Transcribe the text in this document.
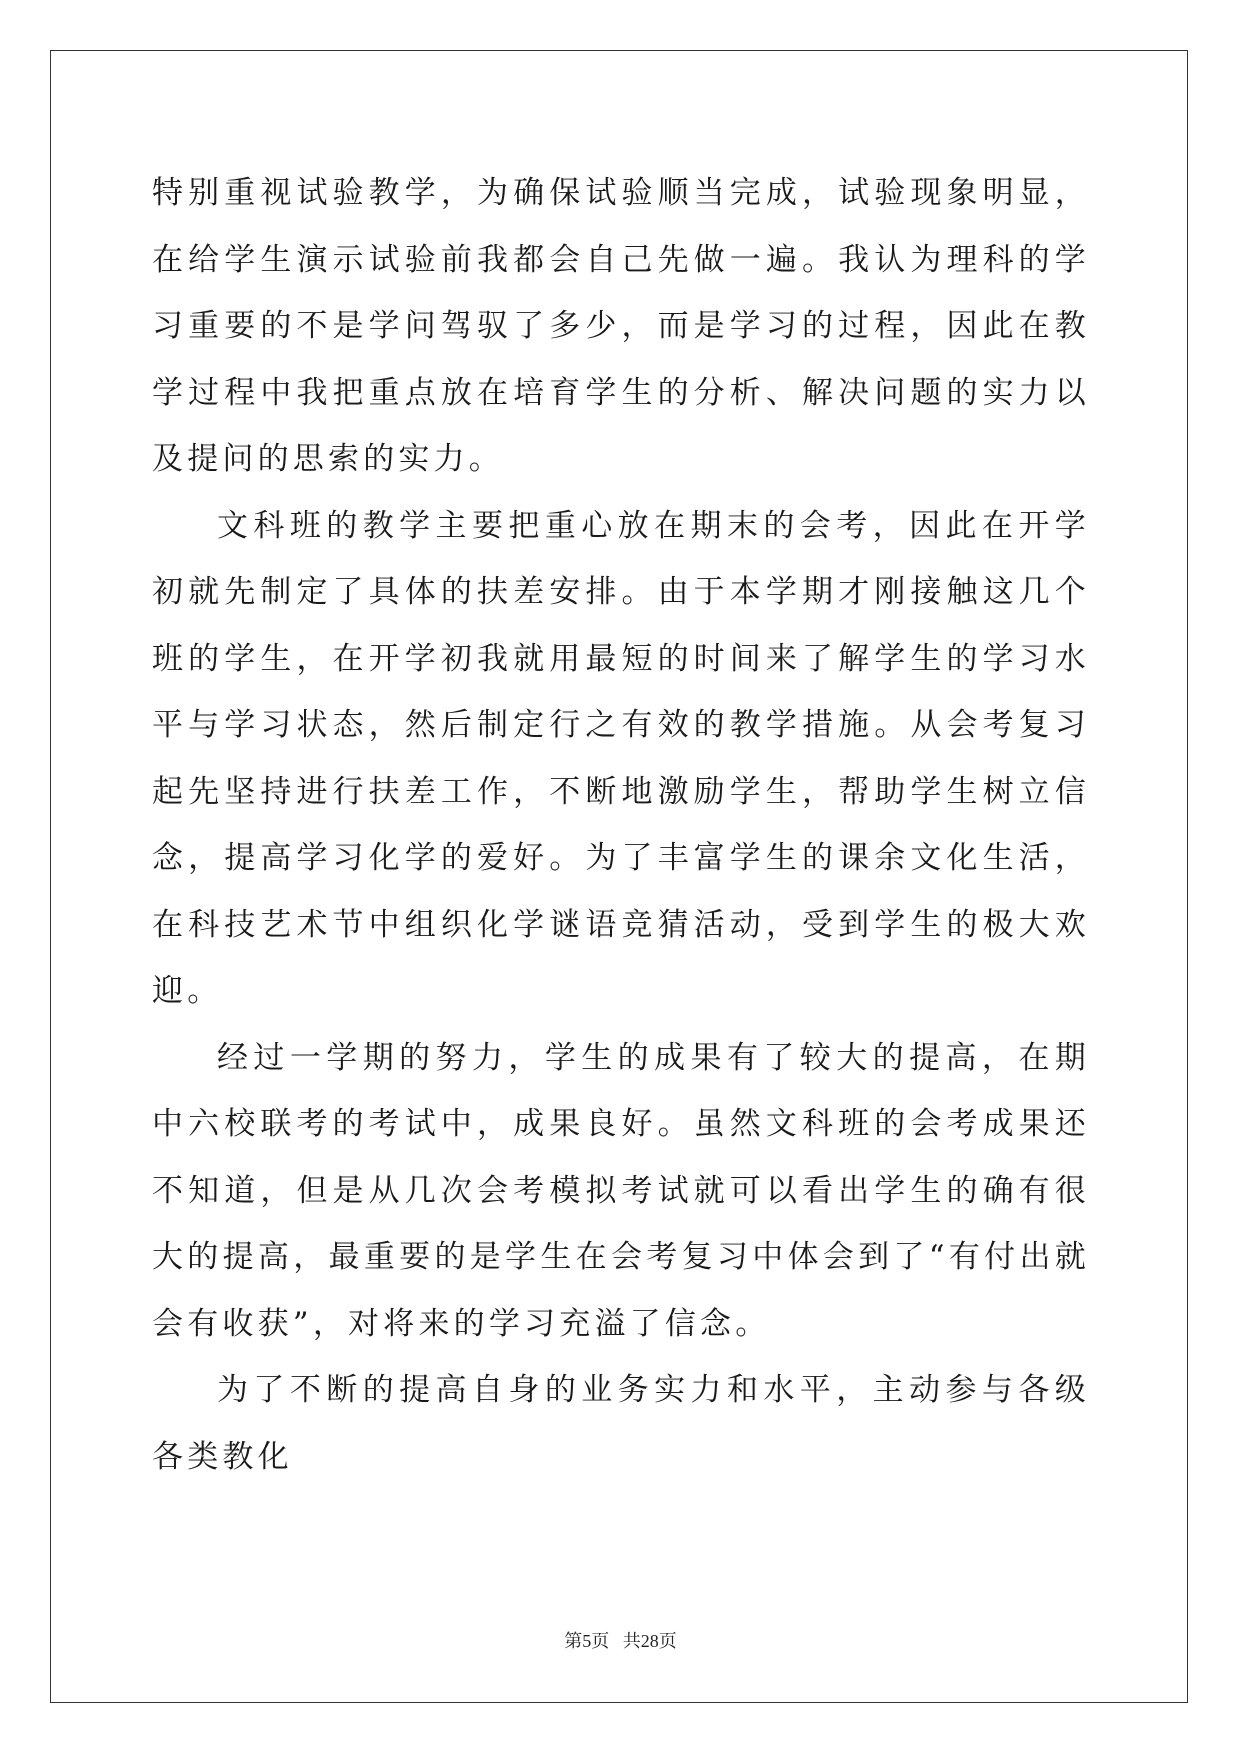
特别重视试验教学，为确保试验顺当完成，试验现象明显，在给学生演示试验前我都会自己先做一遍。我认为理科的学习重要的不是学问驾驭了多少，而是学习的过程，因此在教学过程中我把重点放在培育学生的分析、解决问题的实力以及提问的思索的实力。

文科班的教学主要把重心放在期末的会考，因此在开学初就先制定了具体的扶差安排。由于本学期才刚接触这几个班的学生，在开学初我就用最短的时间来了解学生的学习水平与学习状态，然后制定行之有效的教学措施。从会考复习起先坚持进行扶差工作，不断地激励学生，帮助学生树立信念，提高学习化学的爱好。为了丰富学生的课余文化生活，在科技艺术节中组织化学谜语竞猜活动，受到学生的极大欢迎。

经过一学期的努力，学生的成果有了较大的提高，在期中六校联考的考试中，成果良好。虽然文科班的会考成果还不知道，但是从几次会考模拟考试就可以看出学生的确有很大的提高，最重要的是学生在会考复习中体会到了“有付出就会有收获”，对将来的学习充溢了信念。

为了不断的提高自身的业务实力和水平，主动参与各级各类教化

第5页 共28页
